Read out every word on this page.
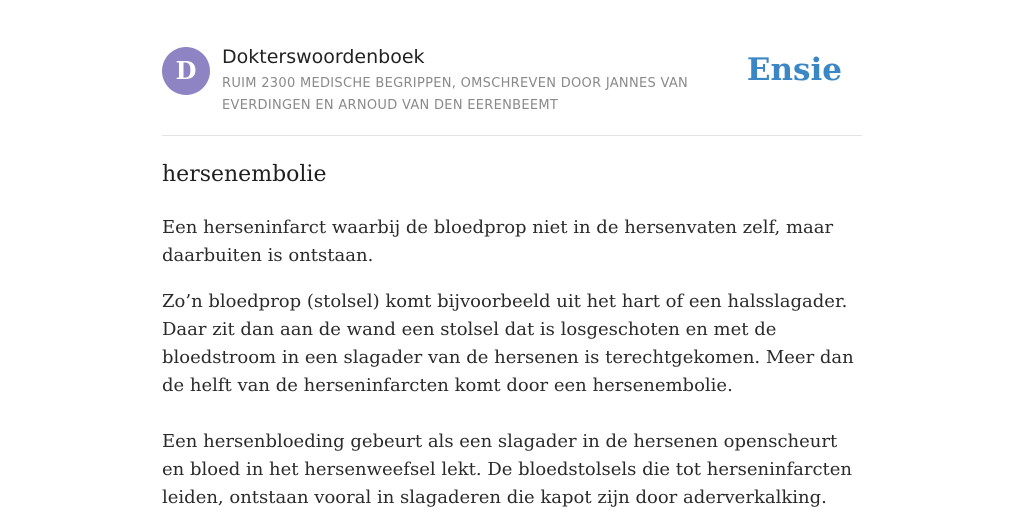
D	Dokterswoordenboek
RUIM 2300 MEDISCHE BEGRIPPEN, OMSCHREVEN DOOR JANNES VAN EVERDINGEN EN ARNOUD VAN DEN EERENBEEMT
Ensie
hersenembolie

Een herseninfarct waarbij de bloedprop niet in de hersenvaten zelf, maar daarbuiten is ontstaan.

Zo’n bloedprop (stolsel) komt bijvoorbeeld uit het hart of een halsslagader. Daar zit dan aan de wand een stolsel dat is losgeschoten en met de bloedstroom in een slagader van de hersenen is terechtgekomen. Meer dan de helft van de herseninfarcten komt door een hersenembolie.

Een hersenbloeding gebeurt als een slagader in de hersenen openscheurt en bloed in het hersenweefsel lekt. De bloedstolsels die tot herseninfarcten leiden, ontstaan vooral in slagaderen die kapot zijn door aderverkalking.
